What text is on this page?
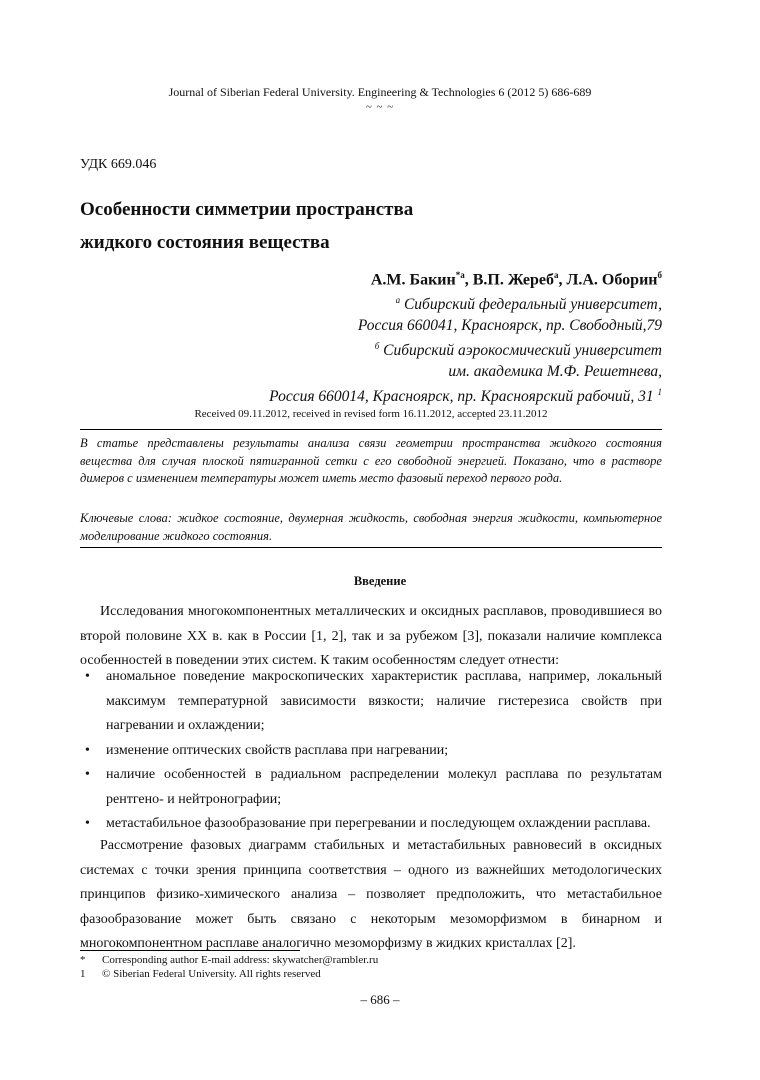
Journal of Siberian Federal University. Engineering & Technologies 6 (2012 5) 686-689
~ ~ ~
УДК 669.046
Особенности симметрии пространства
жидкого состояния вещества
А.М. Бакин$^{*а}$, В.П. Жереб$^а$, Л.А. Оборин$^б$
$^а$ Сибирский федеральный университет,
Россия 660041, Красноярск, пр. Свободный,79
$^б$ Сибирский аэрокосмический университет
им. академика М.Ф. Решетнева,
Россия 660014, Красноярск, пр. Красноярский рабочий, 31 $^1$
Received 09.11.2012, received in revised form 16.11.2012, accepted 23.11.2012
В статье представлены результаты анализа связи геометрии пространства жидкого состояния вещества для случая плоской пятигранной сетки с его свободной энергией. Показано, что в растворе димеров с изменением температуры может иметь место фазовый переход первого рода.
Ключевые слова: жидкое состояние, двумерная жидкость, свободная энергия жидкости, компьютерное моделирование жидкого состояния.
Введение
Исследования многокомпонентных металлических и оксидных расплавов, проводившиеся во второй половине XX в. как в России [1, 2], так и за рубежом [3], показали наличие комплекса особенностей в поведении этих систем. К таким особенностям следует отнести:
• аномальное поведение макроскопических характеристик расплава, например, локальный максимум температурной зависимости вязкости; наличие гистерезиса свойств при нагревании и охлаждении;
• изменение оптических свойств расплава при нагревании;
• наличие особенностей в радиальном распределении молекул расплава по результатам рентгено- и нейтронографии;
• метастабильное фазообразование при перегревании и последующем охлаждении расплава.
Рассмотрение фазовых диаграмм стабильных и метастабильных равновесий в оксидных системах с точки зрения принципа соответствия – одного из важнейших методологических принципов физико-химического анализа – позволяет предположить, что метастабильное фазообразование может быть связано с некоторым мезоморфизмом в бинарном и многокомпонентном расплаве аналогично мезоморфизму в жидких кристаллах [2].
* Corresponding author E-mail address: skywatcher@rambler.ru
1 © Siberian Federal University. All rights reserved
– 686 –
